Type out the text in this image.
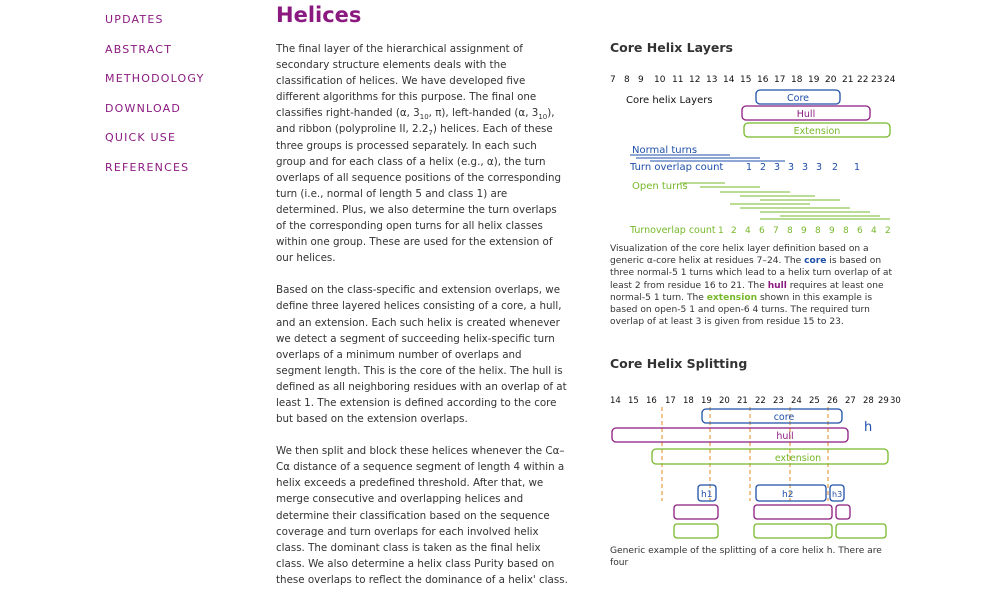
UPDATES
ABSTRACT
METHODOLOGY
DOWNLOAD
QUICK USE
REFERENCES
Helices

The final layer of the hierarchical assignment of secondary structure elements deals with the classification of helices. We have developed five different algorithms for this purpose. The final one classifies right-handed (α, $3_{10}$, π), left-handed (α, $3_{10}$), and ribbon (polyproline II, $2.2_7$) helices. Each of these three groups is processed separately. In each such group and for each class of a helix (e.g., α), the turn overlaps of all sequence positions of the corresponding turn (i.e., normal of length 5 and class 1) are determined. Plus, we also determine the turn overlaps of the corresponding open turns for all helix classes within one group. These are used for the extension of our helices.

Based on the class-specific and extension overlaps, we define three layered helices consisting of a core, a hull, and an extension. Each such helix is created whenever we detect a segment of succeeding helix-specific turn overlaps of a minimum number of overlaps and segment length. This is the core of the helix. The hull is defined as all neighboring residues with an overlap of at least 1. The extension is defined according to the core but based on the extension overlaps.

We then split and block these helices whenever the Cα–Cα distance of a sequence segment of length 4 within a helix exceeds a predefined threshold. After that, we merge consecutive and overlapping helices and determine their classification based on the sequence coverage and turn overlaps for each involved helix class. The dominant class is taken as the final helix class. We also determine a helix class Purity based on these overlaps to reflect the dominance of a helix' class.

Core Helix Layers
7 8 9 10 11 12 13 14 15 16 17 18 19 20 21 22 23 24
Core helix Layers	Core
Hull
Extension
Normal turns
Turn overlap count 1 2 3 3 3 3 2 1
Open turns
Turnoverlap count 1 2 4 6 7 8 9 8 9 8 6 4 2

Visualization of the core helix layer definition based on a generic α-core helix at residues 7–24. The core is based on three normal-5 1 turns which lead to a helix turn overlap of at least 2 from residue 16 to 21. The hull requires at least one normal-5 1 turn. The extension shown in this example is based on open-5 1 and open-6 4 turns. The required turn overlap of at least 3 is given from residue 15 to 23.

Core Helix Splitting
14 15 16 17 18 19 20 21 22 23 24 25 26 27 28 29 30
core
h
hull
extension
h1	h2	h3

Generic example of the splitting of a core helix h. There are four
